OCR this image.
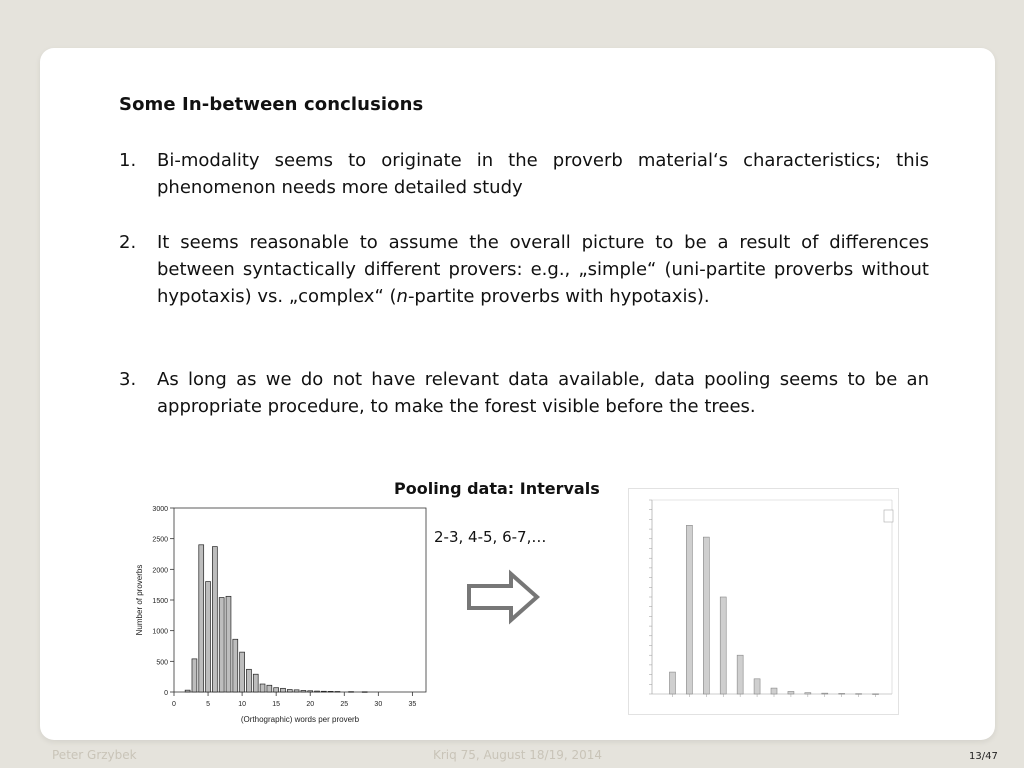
Some In-between conclusions
1. Bi-modality seems to originate in the proverb material‘s characteristics; this phenomenon needs more detailed study
2. It seems reasonable to assume the overall picture to be a result of differences between syntactically different provers: e.g., „simple“ (uni-partite proverbs without hypotaxis) vs. „complex“ (n-partite proverbs with hypotaxis).
3. As long as we do not have relevant data available, data pooling seems to be an appropriate procedure, to make the forest visible before the trees.
Pooling data: Intervals
2-3, 4-5, 6-7,…
0
500
1000
1500
2000
2500
3000
0	5	10	15	20	25	30	35
(Orthographic) words per proverb
Number of proverbs
Peter Grzybek	Kriq 75, August 18/19, 2014	13/47
